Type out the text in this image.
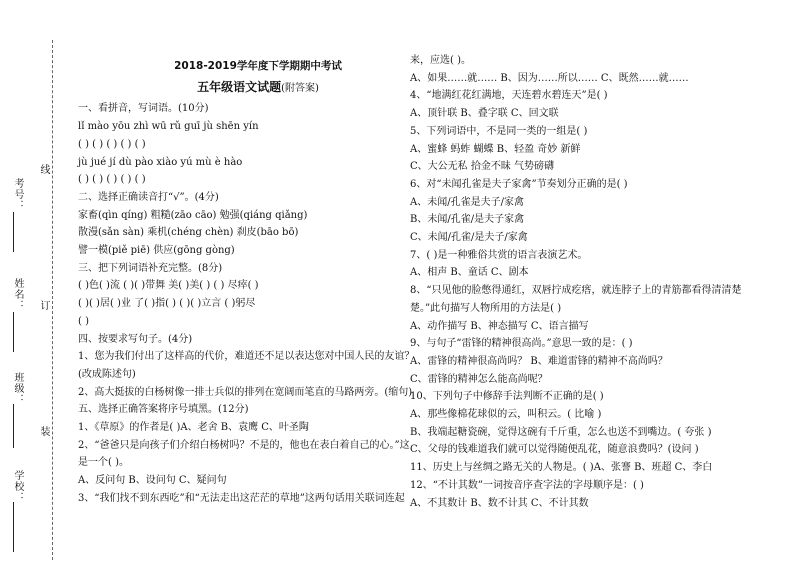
考号：
姓名：
班级：
学校：
线
订
装

2018-2019学年度下学期期中考试

五年级语文试题(附答案)

一、看拼音，写词语。(10分)

lǐ mào yōu zhì wū rǔ guī jù shēn yín

( ) ( ) ( ) ( ) ( )

jù jué jí dù pào xiào yú mù è hào

( ) ( ) ( ) ( ) ( )

二、选择正确读音打“√”。(4分)

家畜(qìn qíng) 粗糙(zāo cāo) 勉强(qiáng qiǎng)

散漫(sǎn sàn) 乘机(chéng chèn) 刹皮(bāo bō)

譬一模(piě piē) 供应(gōng gòng)

三、把下列词语补充完整。(8分)

( )色( )流 ( )( )带舞 美( )美( ) ( ) 尽瘁( )

( )( )居( )业 了( )指( ) ( )( )立言 ( )躬尽

( )

四、按要求写句子。(4分)

1、您为我们付出了这样高的代价，难道还不足以表达您对中国人民的友谊？

(改成陈述句)

2、高大挺拔的白杨树像一排士兵似的排列在宽阔而笔直的马路两旁。(缩句)

五、选择正确答案将序号填黑。(12分)

1、《草原》的作者是( )A、老舍 B、袁鹰 C、叶圣陶

2、“爸爸只是向孩子们介绍白杨树吗？不是的，他也在表白着自己的心。”这

是一个( )。

A、反问句 B、设问句 C、疑问句

3、“我们找不到东西吃”和“无法走出这茫茫的草地”这两句话用关联词连起

来，应选( )。

A、如果……就…… B、因为……所以…… C、既然……就……

4、“地满红花红满地，天连碧水碧连天”是( )

A、顶针联 B、叠字联 C、回文联

5、下列词语中，不是同一类的一组是( )

A、蜜蜂 蚂蚱 蝴蝶 B、轻盈 奇妙 新鲜

C、大公无私 拾金不昧 气势磅礴

6、对“未闻孔雀是夫子家禽”节奏划分正确的是( )

A、未闻/孔雀是夫子/家禽

B、未闻/孔雀/是夫子家禽

C、未闻/孔雀/是夫子/家禽

7、( )是一种雅俗共赏的语言表演艺术。

A、相声 B、童话 C、剧本

8、“只见他的脸憋得通红，双唇拧成疙瘩，就连脖子上的青筋都看得清清楚

楚。”此句描写人物所用的方法是( )

A、动作描写 B、神态描写 C、语言描写

9、与句子“雷锋的精神很高尚。”意思一致的是：( )

A、雷锋的精神很高尚吗？ B、难道雷锋的精神不高尚吗？

C、雷锋的精神怎么能高尚呢？

10、下列句子中修辞手法判断不正确的是( )

A、那些像棉花球似的云，叫积云。( 比喻 )

B、我端起糖瓷碗，觉得这碗有千斤重，怎么也送不到嘴边。( 夸张 )

C、父母的钱难道我们就可以觉得随便乱花，随意浪费吗？(设问 )

11、历史上与丝绸之路无关的人物是。( )A、张謇 B、班超 C、李白

12、“不计其数”一词按音序查字法的字母顺序是：( )

A、不其数计 B、数不计其 C、不计其数
